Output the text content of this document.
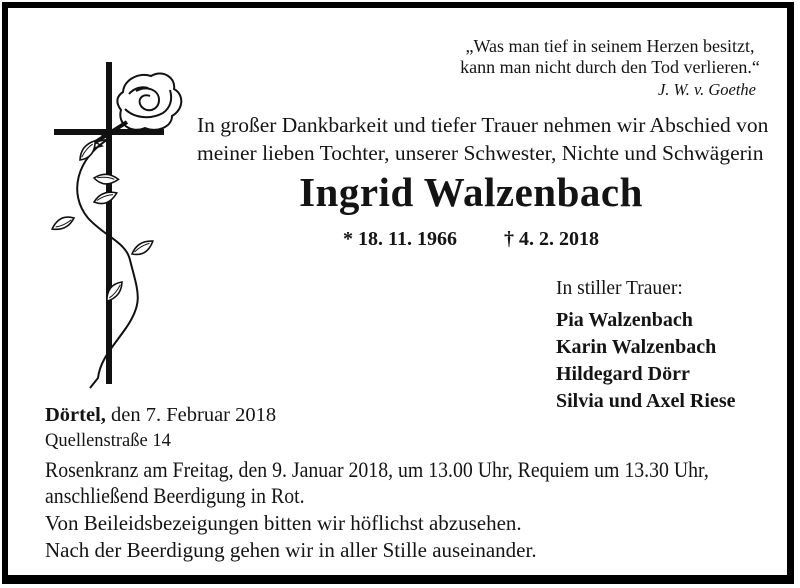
„Was man tief in seinem Herzen besitzt,
kann man nicht durch den Tod verlieren.“
J. W. v. Goethe
In großer Dankbarkeit und tiefer Trauer nehmen wir Abschied von
meiner lieben Tochter, unserer Schwester, Nichte und Schwägerin
Ingrid Walzenbach
* 18. 11. 1966 † 4. 2. 2018
In stiller Trauer:
Pia Walzenbach
Karin Walzenbach
Hildegard Dörr
Silvia und Axel Riese
Dörtel, den 7. Februar 2018
Quellenstraße 14
Rosenkranz am Freitag, den 9. Januar 2018, um 13.00 Uhr, Requiem um 13.30 Uhr,
anschließend Beerdigung in Rot.
Von Beileidsbezeigungen bitten wir höflichst abzusehen.
Nach der Beerdigung gehen wir in aller Stille auseinander.
